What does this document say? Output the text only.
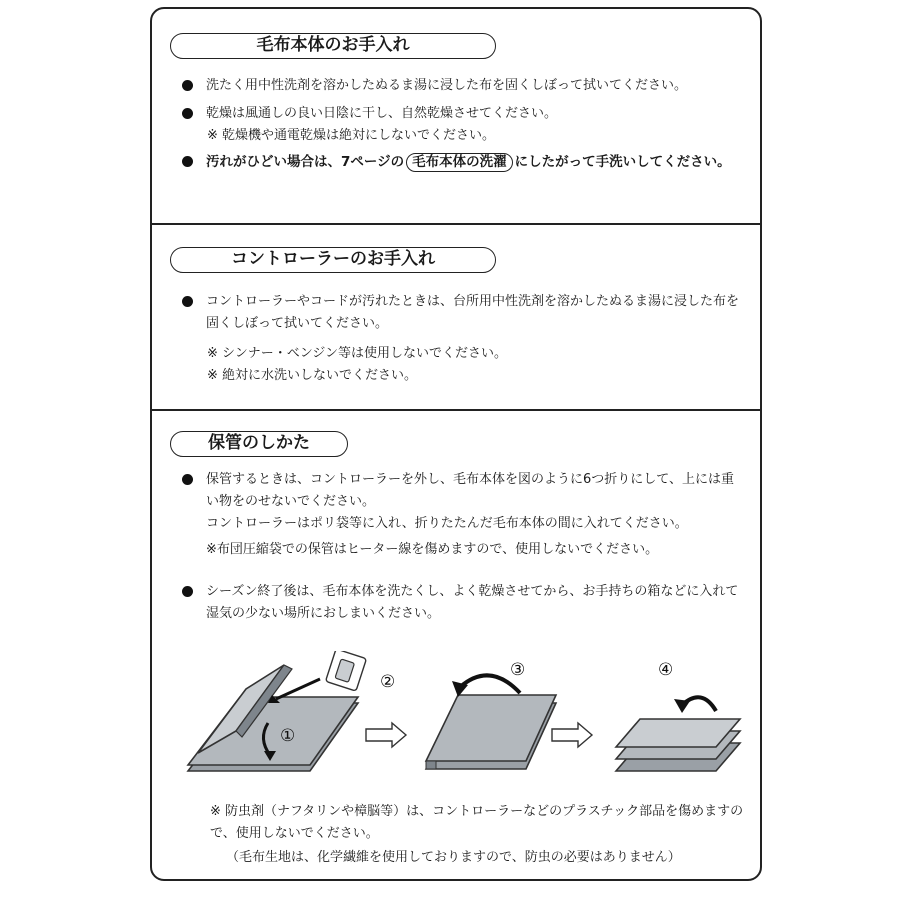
毛布本体のお手入れ
洗たく用中性洗剤を溶かしたぬるま湯に浸した布を固くしぼって拭いてください。
乾燥は風通しの良い日陰に干し、自然乾燥させてください。
※ 乾燥機や通電乾燥は絶対にしないでください。
汚れがひどい場合は、7ページの 毛布本体の洗濯 にしたがって手洗いしてください。
コントローラーのお手入れ
コントローラーやコードが汚れたときは、台所用中性洗剤を溶かしたぬるま湯に浸した布を固くしぼって拭いてください。
※ シンナー・ベンジン等は使用しないでください。
※ 絶対に水洗いしないでください。
保管のしかた
保管するときは、コントローラーを外し、毛布本体を図のように6つ折りにして、上には重い物をのせないでください。
コントローラーはポリ袋等に入れ、折りたたんだ毛布本体の間に入れてください。
※布団圧縮袋での保管はヒーター線を傷めますので、使用しないでください。
シーズン終了後は、毛布本体を洗たくし、よく乾燥させてから、お手持ちの箱などに入れて湿気の少ない場所におしまいください。
②
①
③	④
※ 防虫剤（ナフタリンや樟脳等）は、コントローラーなどのプラスチック部品を傷めますので、使用しないでください。
（毛布生地は、化学繊維を使用しておりますので、防虫の必要はありません）
